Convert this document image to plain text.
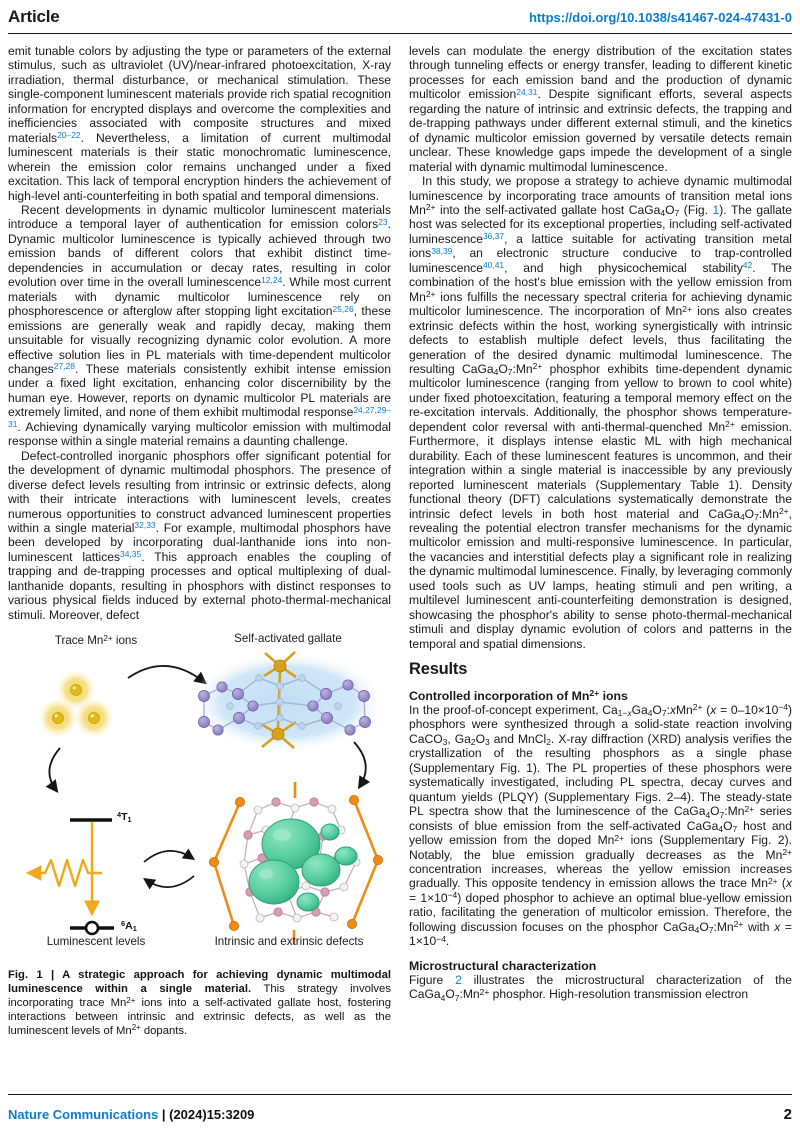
Article	https://doi.org/10.1038/s41467-024-47431-0

emit tunable colors by adjusting the type or parameters of the external stimulus, such as ultraviolet (UV)/near-infrared photoexcitation, X-ray irradiation, thermal disturbance, or mechanical stimulation. These single-component luminescent materials provide rich spatial recognition information for encrypted displays and overcome the complexities and inefficiencies associated with composite structures and mixed materials$^{20-22}$. Nevertheless, a limitation of current multimodal luminescent materials is their static monochromatic luminescence, wherein the emission color remains unchanged under a fixed excitation. This lack of temporal encryption hinders the achievement of high-level anti-counterfeiting in both spatial and temporal dimensions.

Recent developments in dynamic multicolor luminescent materials introduce a temporal layer of authentication for emission colors$^{23}$. Dynamic multicolor luminescence is typically achieved through two emission bands of different colors that exhibit distinct time-dependencies in accumulation or decay rates, resulting in color evolution over time in the overall luminescence$^{12,24}$. While most current materials with dynamic multicolor luminescence rely on phosphorescence or afterglow after stopping light excitation$^{25,26}$, these emissions are generally weak and rapidly decay, making them unsuitable for visually recognizing dynamic color evolution. A more effective solution lies in PL materials with time-dependent multicolor changes$^{27,28}$. These materials consistently exhibit intense emission under a fixed light excitation, enhancing color discernibility by the human eye. However, reports on dynamic multicolor PL materials are extremely limited, and none of them exhibit multimodal response$^{24,27,29-31}$. Achieving dynamically varying multicolor emission with multimodal response within a single material remains a daunting challenge.

Defect-controlled inorganic phosphors offer significant potential for the development of dynamic multimodal phosphors. The presence of diverse defect levels resulting from intrinsic or extrinsic defects, along with their intricate interactions with luminescent levels, creates numerous opportunities to construct advanced luminescent properties within a single material$^{32,33}$. For example, multimodal phosphors have been developed by incorporating dual-lanthanide ions into non-luminescent lattices$^{34,35}$. This approach enables the coupling of trapping and de-trapping processes and optical multiplexing of dual-lanthanide dopants, resulting in phosphors with distinct responses to various physical fields induced by external photo-thermal-mechanical stimuli. Moreover, defect

Trace $Mn^{2+}$ ions	Self-activated gallate
$^4T_1$
$^6A_1$
Luminescent levels	Intrinsic and extrinsic defects
Fig. 1 | A strategic approach for achieving dynamic multimodal luminescence within a single material. This strategy involves incorporating trace $Mn^{2+}$ ions into a self-activated gallate host, fostering interactions between intrinsic and extrinsic defects, as well as the luminescent levels of $Mn^{2+}$ dopants.

levels can modulate the energy distribution of the excitation states through tunneling effects or energy transfer, leading to different kinetic processes for each emission band and the production of dynamic multicolor emission$^{24,31}$. Despite significant efforts, several aspects regarding the nature of intrinsic and extrinsic defects, the trapping and de-trapping pathways under different external stimuli, and the kinetics of dynamic multicolor emission governed by versatile detects remain unclear. These knowledge gaps impede the development of a single material with dynamic multimodal luminescence.

In this study, we propose a strategy to achieve dynamic multimodal luminescence by incorporating trace amounts of transition metal ions $Mn^{2+}$ into the self-activated gallate host $CaGa_4O_7$ (Fig. 1). The gallate host was selected for its exceptional properties, including self-activated luminescence$^{36,37}$, a lattice suitable for activating transition metal ions$^{38,39}$, an electronic structure conducive to trap-controlled luminescence$^{40,41}$, and high physicochemical stability$^{42}$. The combination of the host's blue emission with the yellow emission from $Mn^{2+}$ ions fulfills the necessary spectral criteria for achieving dynamic multicolor luminescence. The incorporation of $Mn^{2+}$ ions also creates extrinsic defects within the host, working synergistically with intrinsic defects to establish multiple defect levels, thus facilitating the generation of the desired dynamic multimodal luminescence. The resulting $CaGa_4O_7:Mn^{2+}$ phosphor exhibits time-dependent dynamic multicolor luminescence (ranging from yellow to brown to cool white) under fixed photoexcitation, featuring a temporal memory effect on the re-excitation intervals. Additionally, the phosphor shows temperature-dependent color reversal with anti-thermal-quenched $Mn^{2+}$ emission. Furthermore, it displays intense elastic ML with high mechanical durability. Each of these luminescent features is uncommon, and their integration within a single material is inaccessible by any previously reported luminescent materials (Supplementary Table 1). Density functional theory (DFT) calculations systematically demonstrate the intrinsic defect levels in both host material and $CaGa_4O_7:Mn^{2+}$, revealing the potential electron transfer mechanisms for the dynamic multicolor emission and multi-responsive luminescence. In particular, the vacancies and interstitial defects play a significant role in realizing the dynamic multimodal luminescence. Finally, by leveraging commonly used tools such as UV lamps, heating stimuli and pen writing, a multilevel luminescent anti-counterfeiting demonstration is designed, showcasing the phosphor's ability to sense photo-thermal-mechanical stimuli and display dynamic evolution of colors and patterns in the temporal and spatial dimensions.

Results
Controlled incorporation of $Mn^{2+}$ ions

In the proof-of-concept experiment, $Ca_{1-x}Ga_4O_7:xMn^{2+}$ $(x = 0-10\times 10^{-4})$ phosphors were synthesized through a solid-state reaction involving CaCO$_3$, $Ga_2O_3$ and MnCl$_2$. X-ray diffraction (XRD) analysis verifies the crystallization of the resulting phosphors as a single phase (Supplementary Fig. 1). The PL properties of these phosphors were systematically investigated, including PL spectra, decay curves and quantum yields (PLQY) (Supplementary Figs. 2–4). The steady-state PL spectra show that the luminescence of the $CaGa_4O_7:Mn^{2+}$ series consists of blue emission from the self-activated $CaGa_4O_7$ host and yellow emission from the doped $Mn^{2+}$ ions (Supplementary Fig. 2). Notably, the blue emission gradually decreases as the $Mn^{2+}$ concentration increases, whereas the yellow emission increases gradually. This opposite tendency in emission allows the trace $Mn^{2+}$ $(x = 1\times 10^{-4})$ doped phosphor to achieve an optimal blue-yellow emission ratio, facilitating the generation of multicolor emission. Therefore, the following discussion focuses on the phosphor $CaGa_4O_7:Mn^{2+}$ with $x = 1\times 10^{-4}$.

Microstructural characterization

Figure 2 illustrates the microstructural characterization of the $CaGa_4O_7:Mn^{2+}$ phosphor. High-resolution transmission electron

Nature Communications | (2024)15:3209	2
